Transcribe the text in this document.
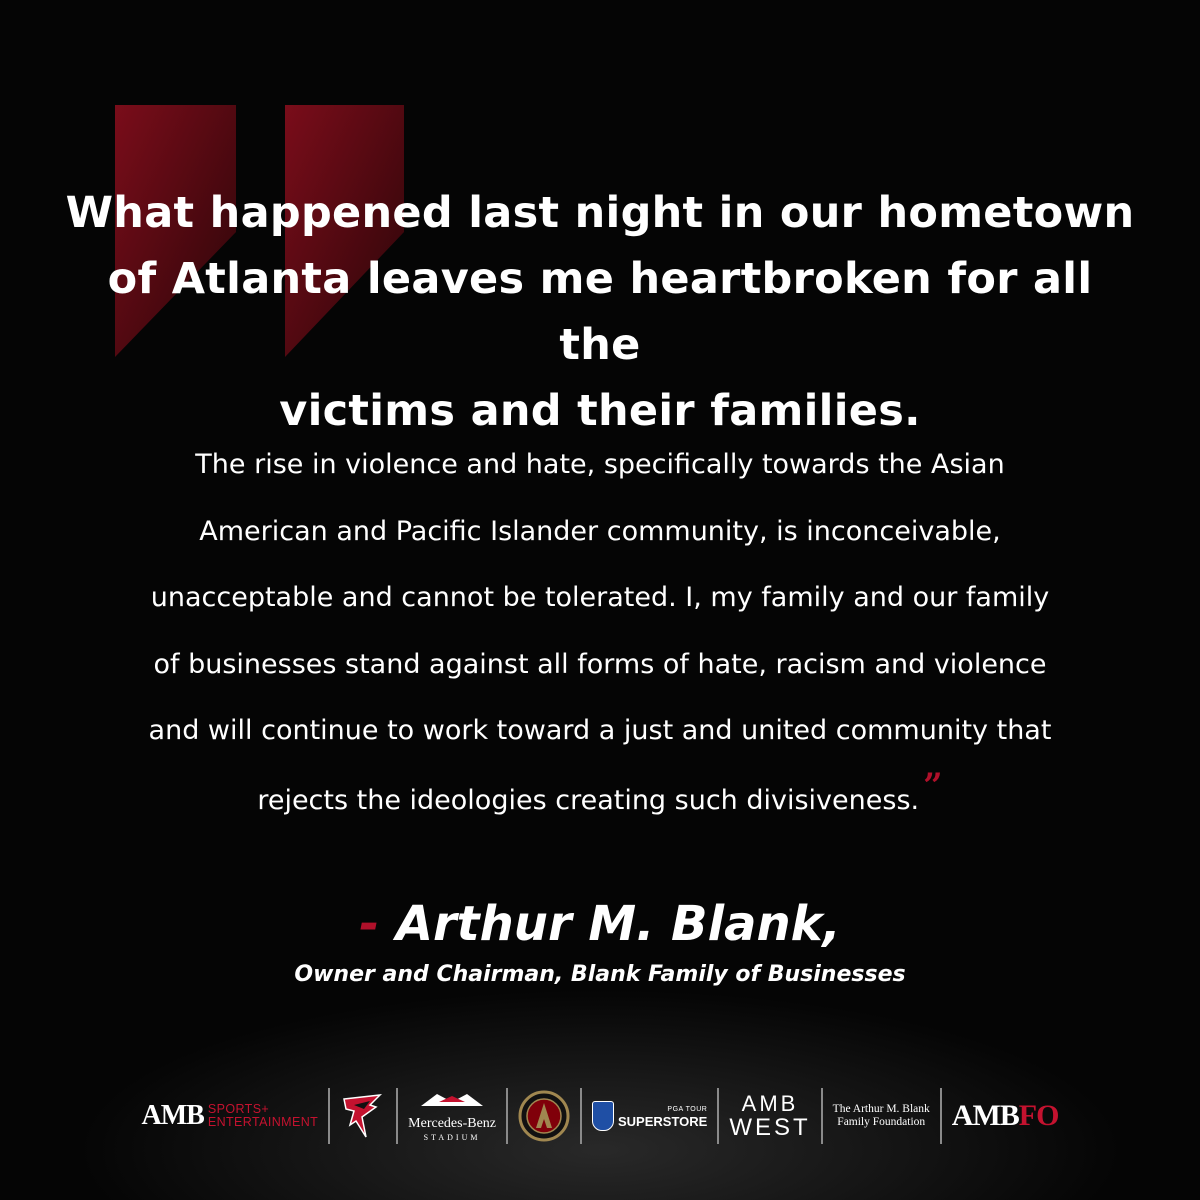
What happened last night in our hometown
of Atlanta leaves me heartbroken for all the
victims and their families.
The rise in violence and hate, specifically towards the Asian
American and Pacific Islander community, is inconceivable,
unacceptable and cannot be tolerated. I, my family and our family
of businesses stand against all forms of hate, racism and violence
and will continue to work toward a just and united community that
rejects the ideologies creating such divisiveness. ”
- Arthur M. Blank,
Owner and Chairman, Blank Family of Businesses
AMB SPORTS+
ENTERTAINMENT	Mercedes-Benz
STADIUM
PGA TOUR
SUPERSTORE
AMB
WEST
The Arthur M. Blank
Family Foundation AMB FO
